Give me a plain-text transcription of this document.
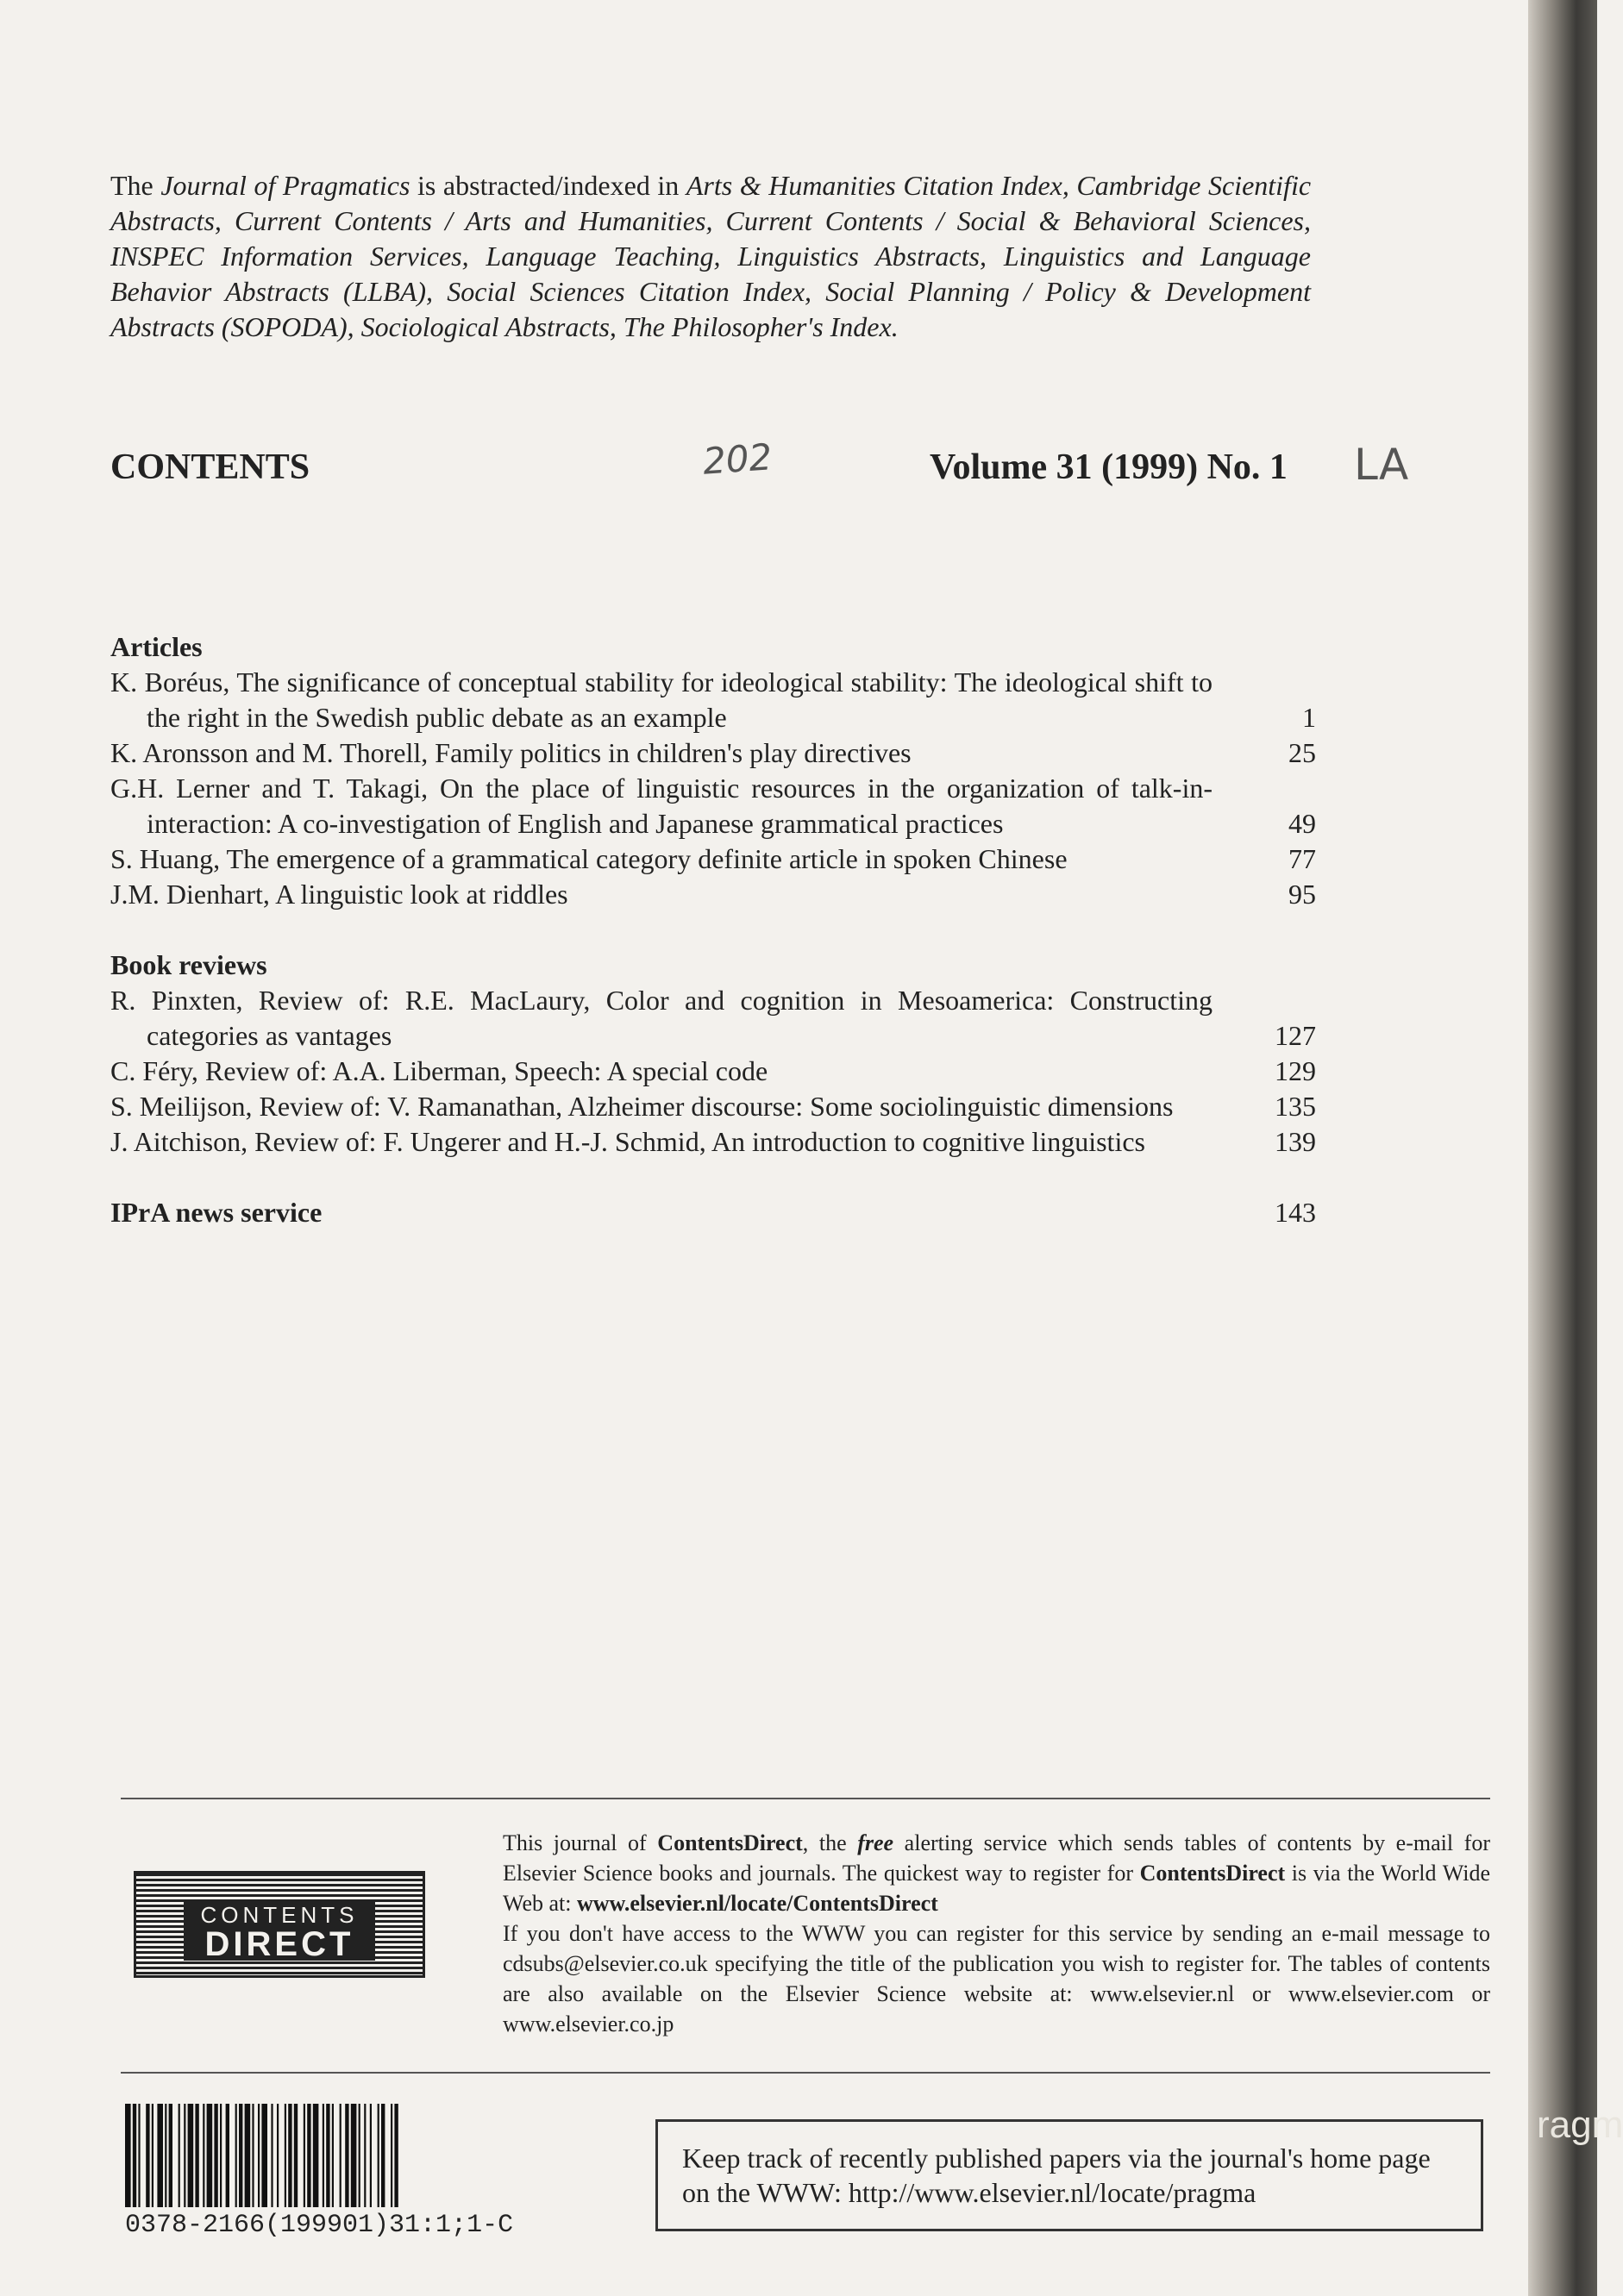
The Journal of Pragmatics is abstracted/indexed in Arts & Humanities Citation Index, Cambridge Scientific Abstracts, Current Contents / Arts and Humanities, Current Contents / Social & Behavioral Sciences, INSPEC Information Services, Language Teaching, Linguistics Abstracts, Linguistics and Language Behavior Abstracts (LLBA), Social Sciences Citation Index, Social Planning / Policy & Development Abstracts (SOPODA), Sociological Abstracts, The Philosopher's Index.
CONTENTS	202	Volume 31 (1999) No. 1 LA
Articles
K. Boréus, The significance of conceptual stability for ideological stability: The ideological shift to the right in the Swedish public debate as an example	1
K. Aronsson and M. Thorell, Family politics in children's play directives	25
G.H. Lerner and T. Takagi, On the place of linguistic resources in the organization of talk-in-interaction: A co-investigation of English and Japanese grammatical practices	49
S. Huang, The emergence of a grammatical category definite article in spoken Chinese	77
J.M. Dienhart, A linguistic look at riddles	95
Book reviews
R. Pinxten, Review of: R.E. MacLaury, Color and cognition in Mesoamerica: Constructing categories as vantages	127
C. Féry, Review of: A.A. Liberman, Speech: A special code	129
S. Meilijson, Review of: V. Ramanathan, Alzheimer discourse: Some sociolinguistic dimensions	135
J. Aitchison, Review of: F. Ungerer and H.-J. Schmid, An introduction to cognitive linguistics	139
IPrA news service	143
CONTENTS
DIRECT

This journal of ContentsDirect, the free alerting service which sends tables of contents by e-mail for Elsevier Science books and journals. The quickest way to register for ContentsDirect is via the World Wide Web at: www.elsevier.nl/locate/ContentsDirect

If you don't have access to the WWW you can register for this service by sending an e-mail message to cdsubs@elsevier.co.uk specifying the title of the publication you wish to register for. The tables of contents are also available on the Elsevier Science website at: www.elsevier.nl or www.elsevier.com or www.elsevier.co.jp

0378-2166(199901)31:1;1-C
Keep track of recently published papers via the journal's home page on the WWW: http://www.elsevier.nl/locate/pragma
ragm
